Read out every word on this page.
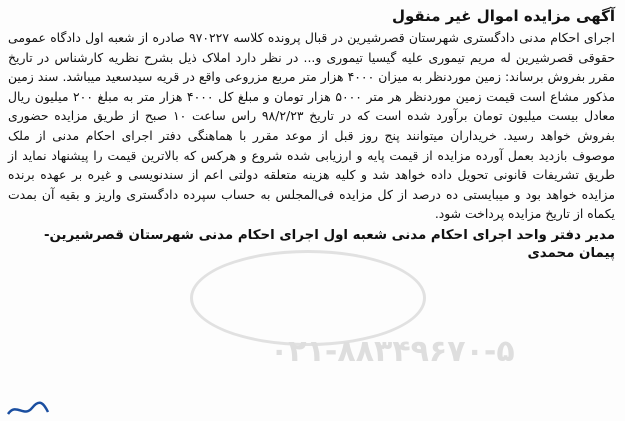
آگهی مزایده اموال غیر منقول

اجرای احکام مدنی دادگستری شهرستان قصرشیرین در قبال پرونده کلاسه ۹۷۰۲۲۷ صادره از شعبه اول دادگاه عمومی حقوقی قصرشیرین له مریم تیموری علیه گیسیا تیموری و... در نظر دارد املاک ذیل بشرح نظریه کارشناس در تاریخ مقرر بفروش برساند: زمین موردنظر به میزان ۴۰۰۰ هزار متر مربع مزروعی واقع در قریه سیدسعید میباشد. سند زمین مذکور مشاع است قیمت زمین موردنظر هر متر ۵۰۰۰ هزار تومان و مبلغ کل ۴۰۰۰ هزار متر به مبلغ ۲۰۰ میلیون ریال معادل بیست میلیون تومان برآورد شده است که در تاریخ ۹۸/۲/۲۳ راس ساعت ۱۰ صبح از طریق مزایده حضوری بفروش خواهد رسید. خریداران میتوانند پنج روز قبل از موعد مقرر با هماهنگی دفتر اجرای احکام مدنی از ملک موصوف بازدید بعمل آورده مزایده از قیمت پایه و ارزیابی شده شروع و هرکس که بالاترین قیمت را پیشنهاد نماید از طریق تشریفات قانونی تحویل داده خواهد شد و کلیه هزینه متعلقه دولتی اعم از سندنویسی و غیره بر عهده برنده مزایده خواهد بود و میبایستی ده درصد از کل مزایده فی‌المجلس به حساب سپرده دادگستری واریز و بقیه آن بمدت یکماه از تاریخ مزایده پرداخت شود.

مدیر دفتر واحد اجرای احکام مدنی شعبه اول اجرای احکام مدنی شهرستان قصرشیرین-
پیمان محمدی
۰۲۱-۸۸۳۴۹۶۷۰-۵
